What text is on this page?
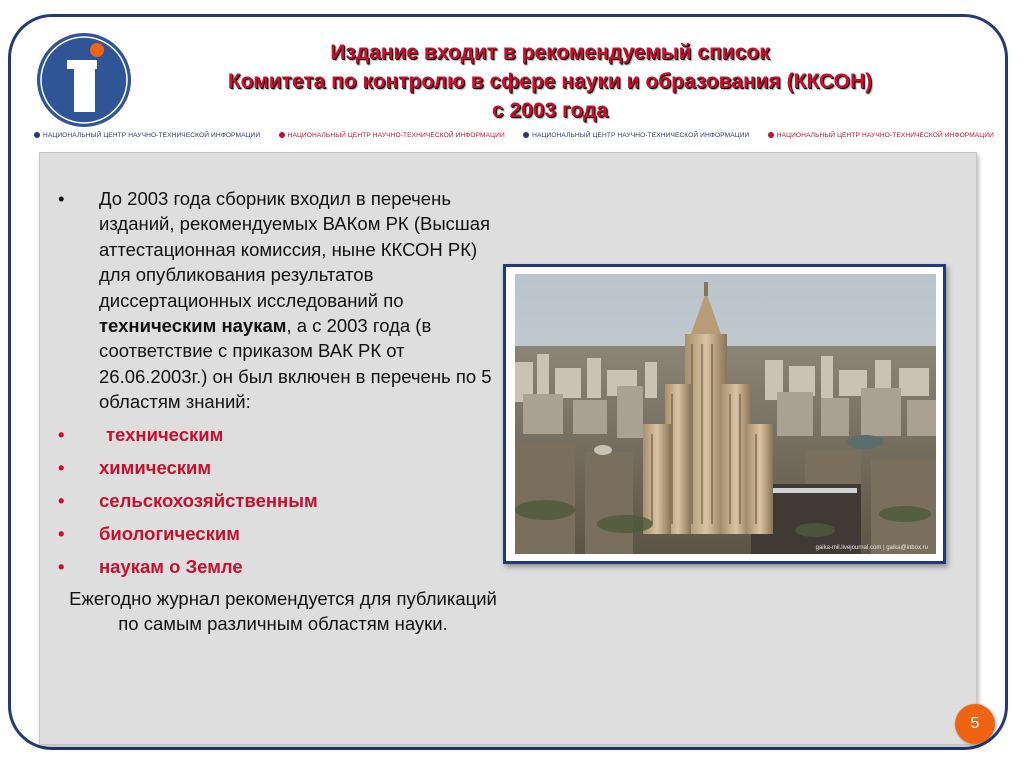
Издание входит в рекомендуемый список
Комитета по контролю в сфере науки и образования (ККСОН)
с 2003 года
НАЦИОНАЛЬНЫЙ ЦЕНТР НАУЧНО-ТЕХНИЧЕСКОЙ ИНФОРМАЦИИ	НАЦИОНАЛЬНЫЙ ЦЕНТР НАУЧНО-ТЕХНИЧЕСКОЙ ИНФОРМАЦИИ	НАЦИОНАЛЬНЫЙ ЦЕНТР НАУЧНО-ТЕХНИЧЕСКОЙ ИНФОРМАЦИИ	НАЦИОНАЛЬНЫЙ ЦЕНТР НАУЧНО-ТЕХНИЧЕСКОЙ ИНФОРМАЦИИ
• До 2003 года сборник входил в перечень изданий, рекомендуемых ВАКом РК (Высшая аттестационная комиссия, ныне ККСОН РК) для опубликования результатов диссертационных исследований по техническим наукам, а с 2003 года (в соответствие с приказом ВАК РК от 26.06.2003г.) он был включен в перечень по 5 областям знаний:
• техническим
• химическим
• сельскохозяйственным
• биологическим
• наукам о Земле
Ежегодно журнал рекомендуется для публикаций по самым различным областям науки.
gaika-mil.livejournal.com | gaika@inbox.ru
5
